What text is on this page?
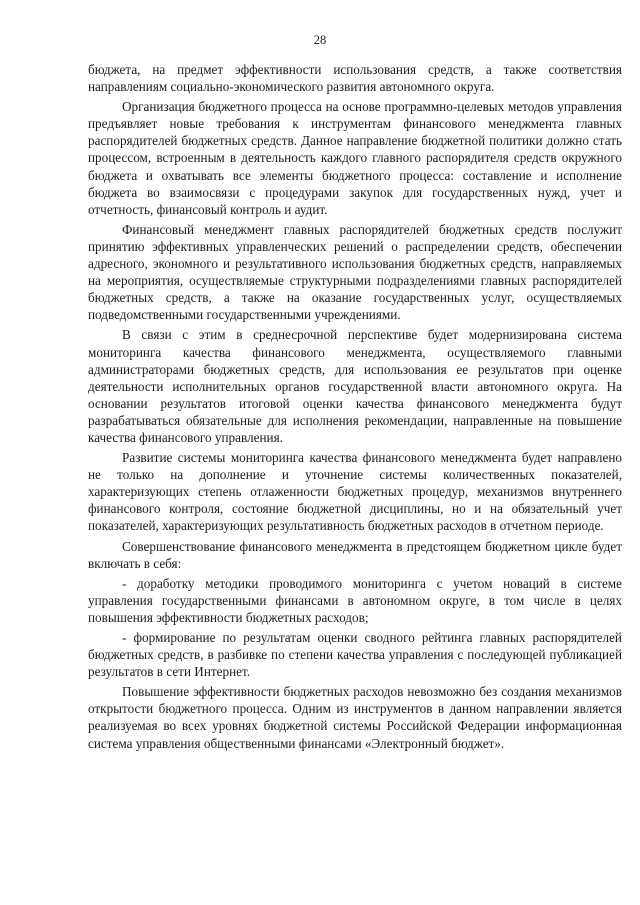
28

бюджета, на предмет эффективности использования средств, а также соответствия направлениям социально-экономического развития автономного округа.

Организация бюджетного процесса на основе программно-целевых методов управления предъявляет новые требования к инструментам финансового менеджмента главных распорядителей бюджетных средств. Данное направление бюджетной политики должно стать процессом, встроенным в деятельность каждого главного распорядителя средств окружного бюджета и охватывать все элементы бюджетного процесса: составление и исполнение бюджета во взаимосвязи с процедурами закупок для государственных нужд, учет и отчетность, финансовый контроль и аудит.

Финансовый менеджмент главных распорядителей бюджетных средств послужит принятию эффективных управленческих решений о распределении средств, обеспечении адресного, экономного и результативного использования бюджетных средств, направляемых на мероприятия, осуществляемые структурными подразделениями главных распорядителей бюджетных средств, а также на оказание государственных услуг, осуществляемых подведомственными государственными учреждениями.

В связи с этим в среднесрочной перспективе будет модернизирована система мониторинга качества финансового менеджмента, осуществляемого главными администраторами бюджетных средств, для использования ее результатов при оценке деятельности исполнительных органов государственной власти автономного округа. На основании результатов итоговой оценки качества финансового менеджмента будут разрабатываться обязательные для исполнения рекомендации, направленные на повышение качества финансового управления.

Развитие системы мониторинга качества финансового менеджмента будет направлено не только на дополнение и уточнение системы количественных показателей, характеризующих степень отлаженности бюджетных процедур, механизмов внутреннего финансового контроля, состояние бюджетной дисциплины, но и на обязательный учет показателей, характеризующих результативность бюджетных расходов в отчетном периоде.

Совершенствование финансового менеджмента в предстоящем бюджетном цикле будет включать в себя:

- доработку методики проводимого мониторинга с учетом новаций в системе управления государственными финансами в автономном округе, в том числе в целях повышения эффективности бюджетных расходов;

- формирование по результатам оценки сводного рейтинга главных распорядителей бюджетных средств, в разбивке по степени качества управления с последующей публикацией результатов в сети Интернет.

Повышение эффективности бюджетных расходов невозможно без создания механизмов открытости бюджетного процесса. Одним из инструментов в данном направлении является реализуемая во всех уровнях бюджетной системы Российской Федерации информационная система управления общественными финансами «Электронный бюджет».
